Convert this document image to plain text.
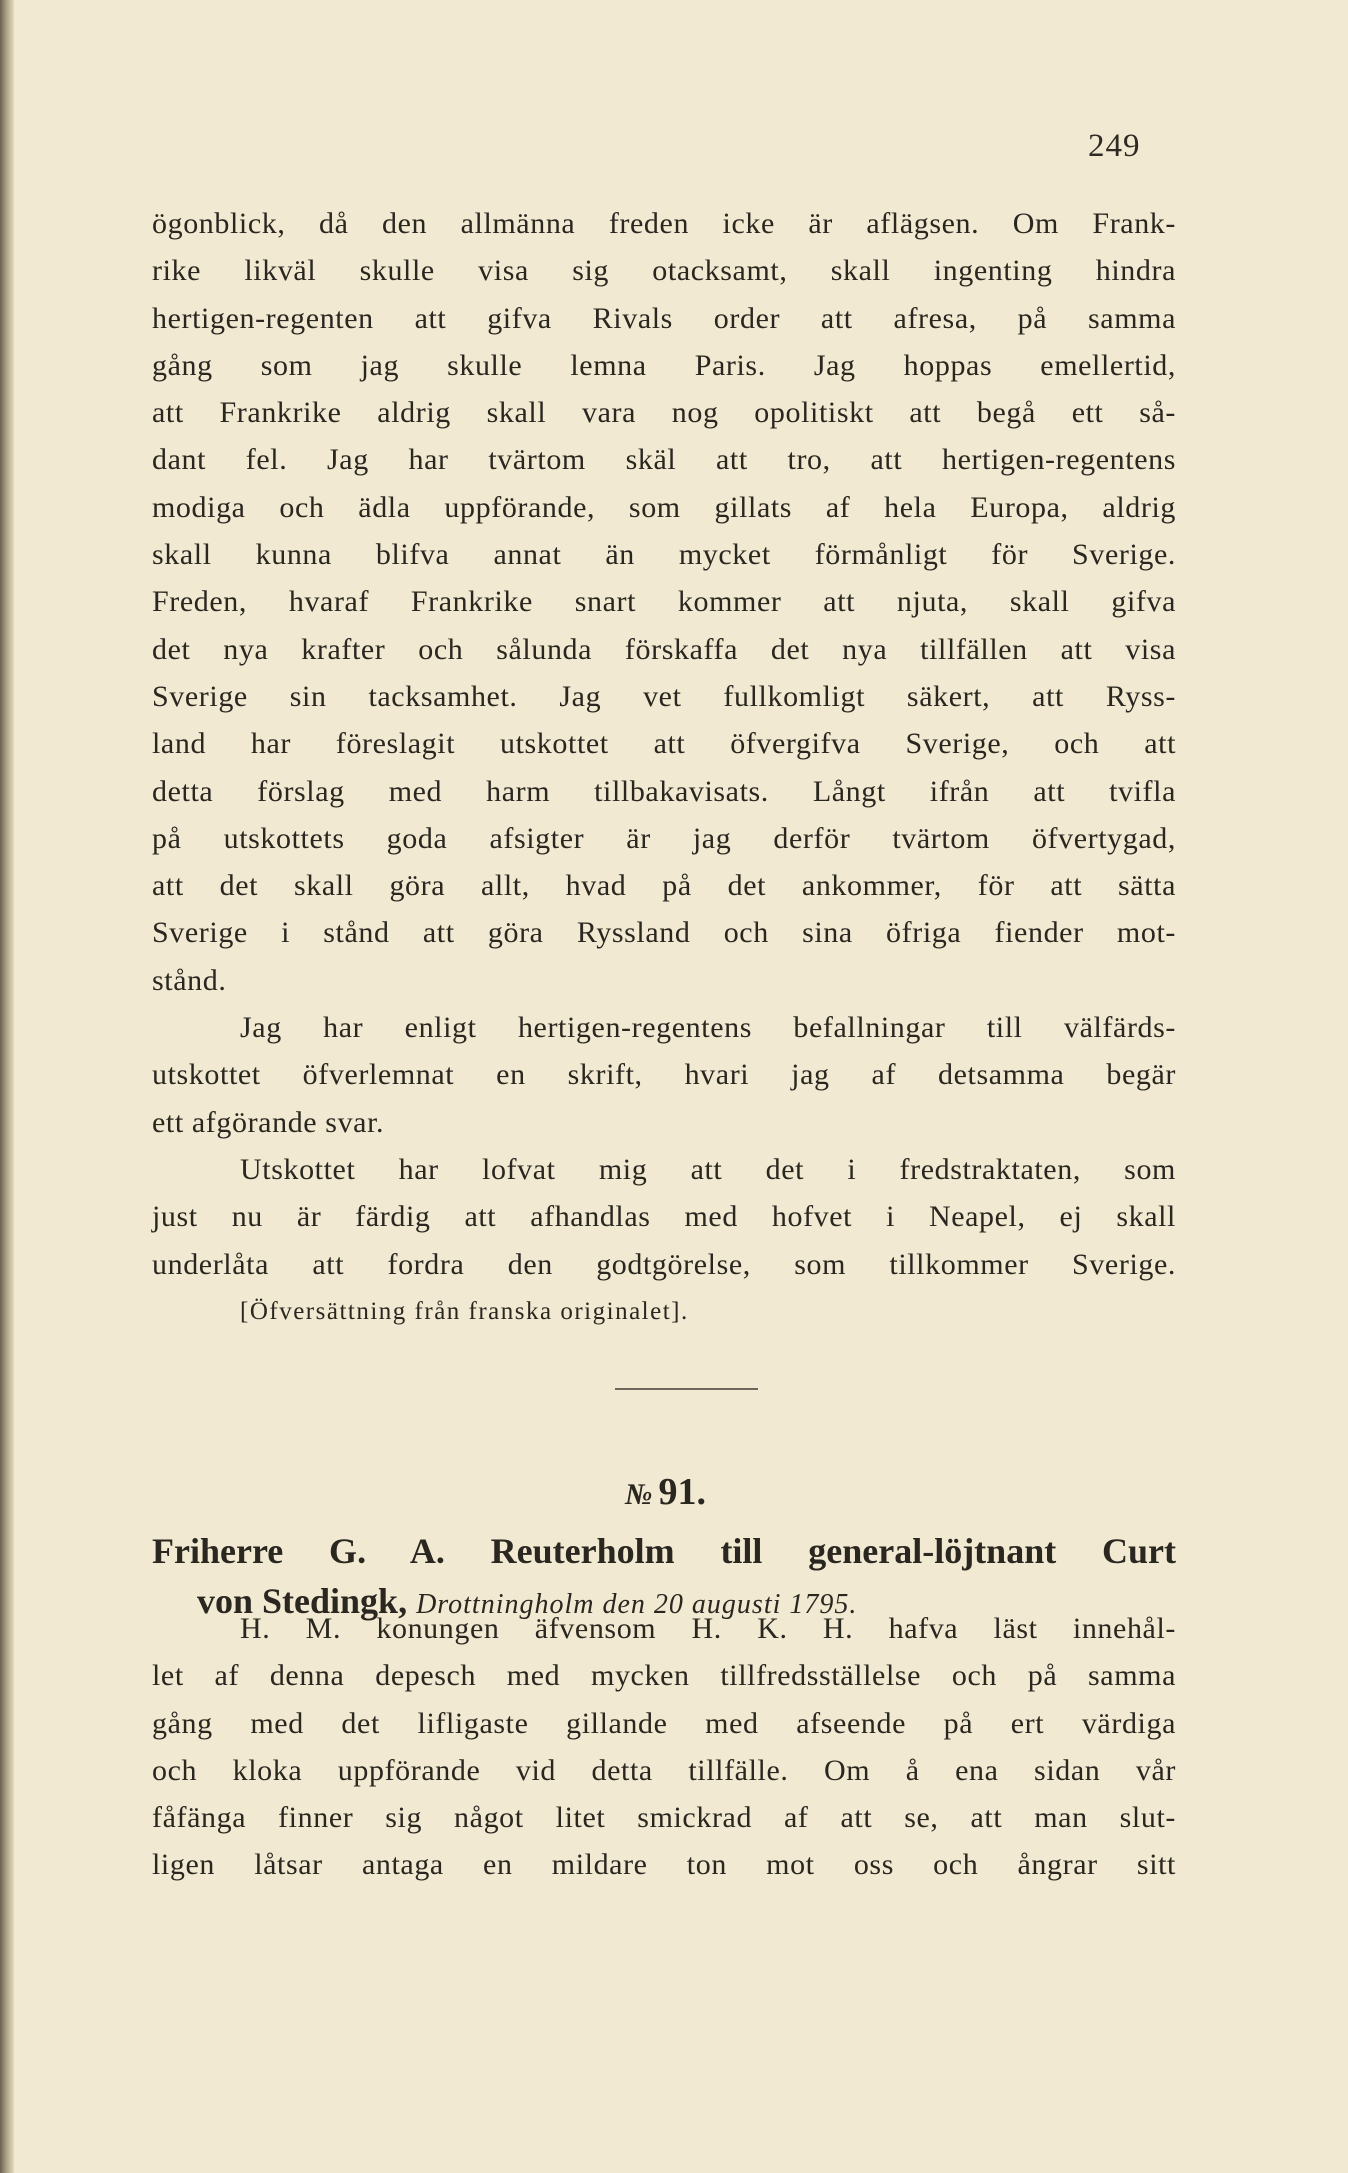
249
ögonblick, då den allmänna freden icke är aflägsen. Om Frank-
rike likväl skulle visa sig otacksamt, skall ingenting hindra
hertigen-regenten att gifva Rivals order att afresa, på samma
gång som jag skulle lemna Paris. Jag hoppas emellertid,
att Frankrike aldrig skall vara nog opolitiskt att begå ett så-
dant fel. Jag har tvärtom skäl att tro, att hertigen-regentens
modiga och ädla uppförande, som gillats af hela Europa, aldrig
skall kunna blifva annat än mycket förmånligt för Sverige.
Freden, hvaraf Frankrike snart kommer att njuta, skall gifva
det nya krafter och sålunda förskaffa det nya tillfällen att visa
Sverige sin tacksamhet. Jag vet fullkomligt säkert, att Ryss-
land har föreslagit utskottet att öfvergifva Sverige, och att
detta förslag med harm tillbakavisats. Långt ifrån att tvifla
på utskottets goda afsigter är jag derför tvärtom öfvertygad,
att det skall göra allt, hvad på det ankommer, för att sätta
Sverige i stånd att göra Ryssland och sina öfriga fiender mot-
stånd.
Jag har enligt hertigen-regentens befallningar till välfärds-
utskottet öfverlemnat en skrift, hvari jag af detsamma begär
ett afgörande svar.
Utskottet har lofvat mig att det i fredstraktaten, som
just nu är färdig att afhandlas med hofvet i Neapel, ej skall
underlåta att fordra den godtgörelse, som tillkommer Sverige.
[Öfversättning från franska originalet].
№ 91.
Friherre G. A. Reuterholm till general-löjtnant Curt
von Stedingk, Drottningholm den 20 augusti 1795.
H. M. konungen äfvensom H. K. H. hafva läst innehål-
let af denna depesch med mycken tillfredsställelse och på samma
gång med det lifligaste gillande med afseende på ert värdiga
och kloka uppförande vid detta tillfälle. Om å ena sidan vår
fåfänga finner sig något litet smickrad af att se, att man slut-
ligen låtsar antaga en mildare ton mot oss och ångrar sitt
